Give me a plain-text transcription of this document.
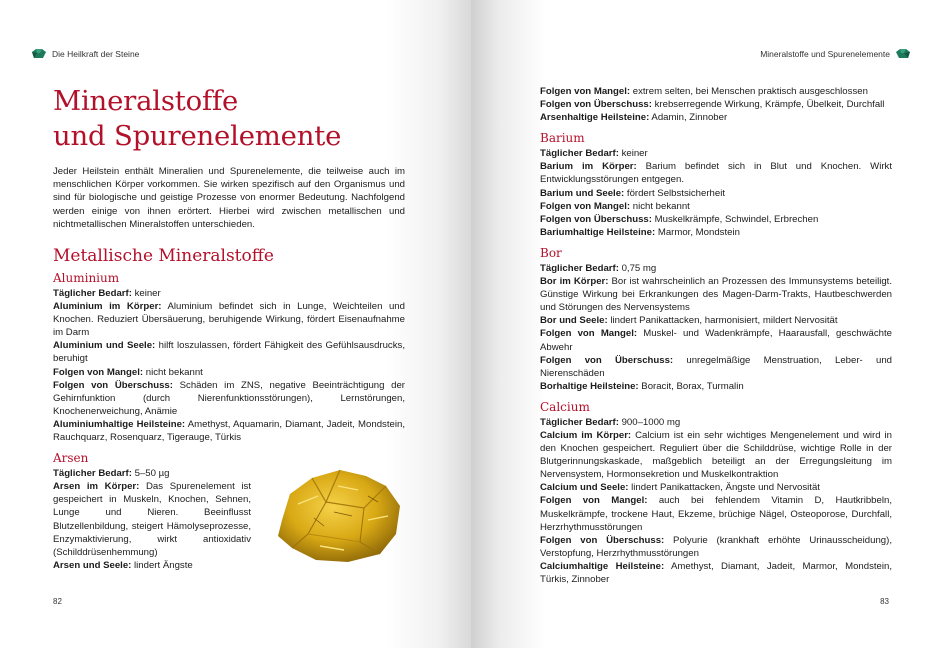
Die Heilkraft der Steine
Mineralstoffe
und Spurenelemente

Jeder Heilstein enthält Mineralien und Spurenelemente, die teilweise auch im menschlichen Körper vorkommen. Sie wirken spezifisch auf den Organismus und sind für biologische und geistige Prozesse von enormer Bedeutung. Nachfolgend werden einige von ihnen erörtert. Hierbei wird zwischen metallischen und nichtmetallischen Mineralstoffen unterschieden.

Metallische Mineralstoffe
Aluminium

Täglicher Bedarf: keiner

Aluminium im Körper: Aluminium befindet sich in Lunge, Weichteilen und Knochen. Reduziert Übersäuerung, beruhigende Wirkung, fördert Eisenaufnahme im Darm

Aluminium und Seele: hilft loszulassen, fördert Fähigkeit des Gefühlsausdrucks, beruhigt

Folgen von Mangel: nicht bekannt

Folgen von Überschuss: Schäden im ZNS, negative Beeinträchtigung der Gehirnfunktion (durch Nierenfunktionsstörungen), Lernstörungen, Knochenerweichung, Anämie

Aluminiumhaltige Heilsteine: Amethyst, Aquamarin, Diamant, Jadeit, Mondstein, Rauchquarz, Rosenquarz, Tigerauge, Türkis

Arsen

Täglicher Bedarf: 5–50 µg

Arsen im Körper: Das Spurenelement ist gespeichert in Muskeln, Knochen, Sehnen, Lunge und Nieren. Beeinflusst Blutzellenbildung, steigert Hämolyseprozesse, Enzymaktivierung, wirkt antioxidativ (Schilddrüsenhemmung)

Arsen und Seele: lindert Ängste

82
Mineralstoffe und Spurenelemente

Folgen von Mangel: extrem selten, bei Menschen praktisch ausgeschlossen

Folgen von Überschuss: krebserregende Wirkung, Krämpfe, Übelkeit, Durchfall

Arsenhaltige Heilsteine: Adamin, Zinnober

Barium

Täglicher Bedarf: keiner

Barium im Körper: Barium befindet sich in Blut und Knochen. Wirkt Entwicklungsstörungen entgegen.

Barium und Seele: fördert Selbstsicherheit

Folgen von Mangel: nicht bekannt

Folgen von Überschuss: Muskelkrämpfe, Schwindel, Erbrechen

Bariumhaltige Heilsteine: Marmor, Mondstein

Bor

Täglicher Bedarf: 0,75 mg

Bor im Körper: Bor ist wahrscheinlich an Prozessen des Immunsystems beteiligt. Günstige Wirkung bei Erkrankungen des Magen-Darm-Trakts, Hautbeschwerden und Störungen des Nervensystems

Bor und Seele: lindert Panikattacken, harmonisiert, mildert Nervosität

Folgen von Mangel: Muskel- und Wadenkrämpfe, Haarausfall, geschwächte Abwehr

Folgen von Überschuss: unregelmäßige Menstruation, Leber- und Nierenschäden

Borhaltige Heilsteine: Boracit, Borax, Turmalin

Calcium

Täglicher Bedarf: 900–1000 mg

Calcium im Körper: Calcium ist ein sehr wichtiges Mengenelement und wird in den Knochen gespeichert. Reguliert über die Schilddrüse, wichtige Rolle in der Blutgerinnungskaskade, maßgeblich beteiligt an der Erregungsleitung im Nervensystem, Hormonsekretion und Muskelkontraktion

Calcium und Seele: lindert Panikattacken, Ängste und Nervosität

Folgen von Mangel: auch bei fehlendem Vitamin D, Hautkribbeln, Muskelkrämpfe, trockene Haut, Ekzeme, brüchige Nägel, Osteoporose, Durchfall, Herzrhythmusstörungen

Folgen von Überschuss: Polyurie (krankhaft erhöhte Urinausscheidung), Verstopfung, Herzrhythmusstörungen

Calciumhaltige Heilsteine: Amethyst, Diamant, Jadeit, Marmor, Mondstein, Türkis, Zinnober

83
